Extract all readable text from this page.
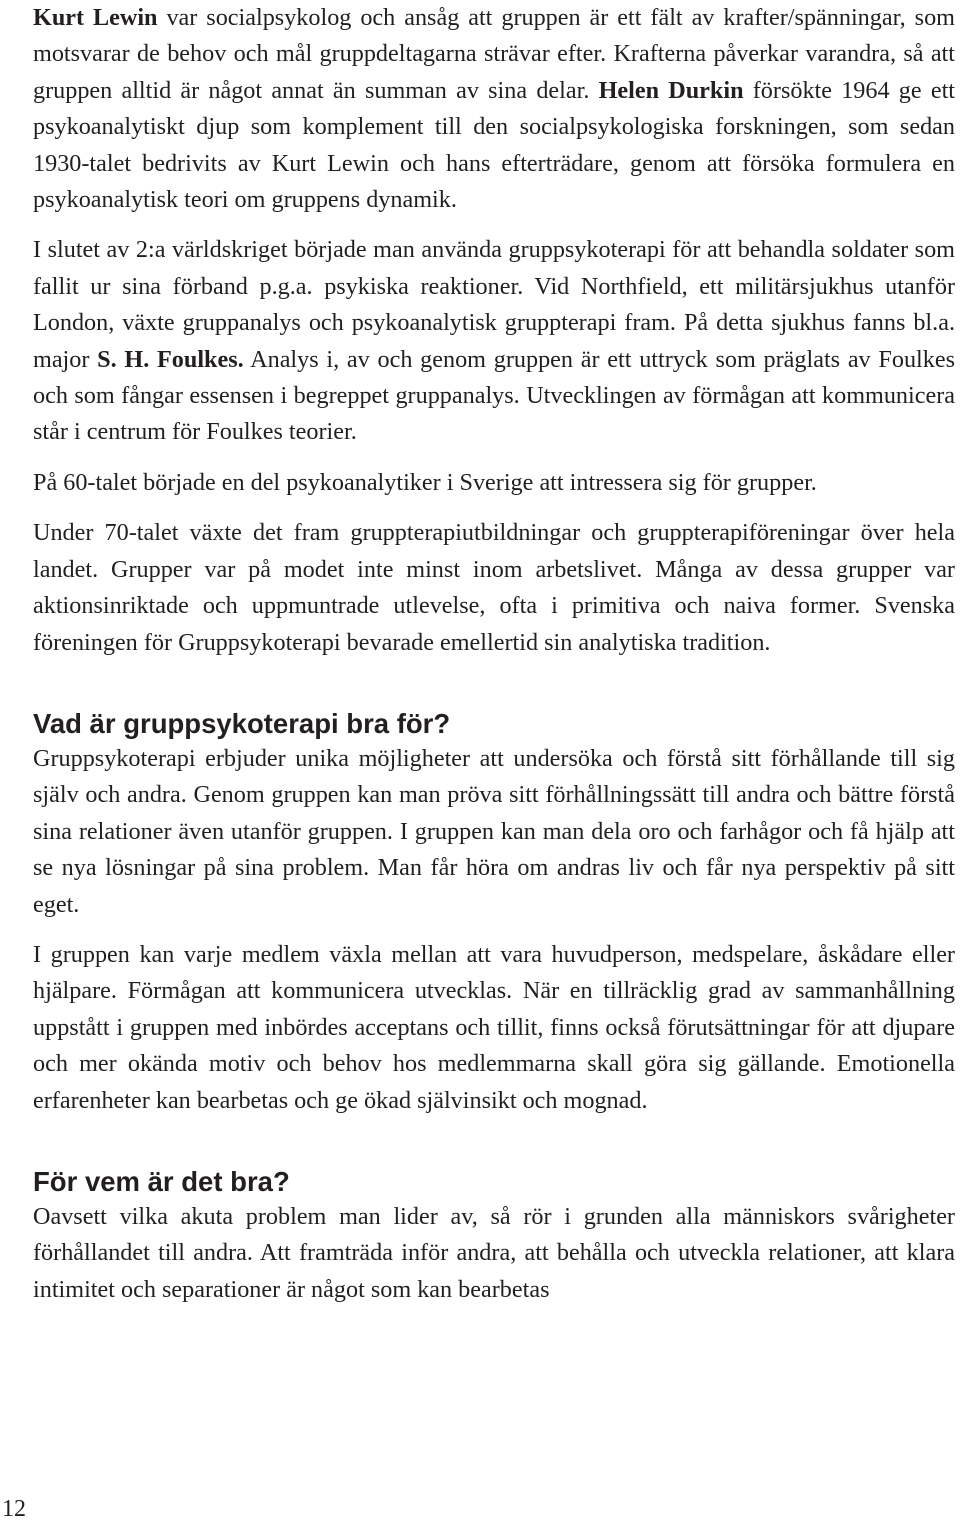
Kurt Lewin var socialpsykolog och ansåg att gruppen är ett fält av krafter/spänningar, som motsvarar de behov och mål gruppdeltagarna strävar efter. Krafterna påverkar varandra, så att gruppen alltid är något annat än summan av sina delar. Helen Durkin försökte 1964 ge ett psykoanalytiskt djup som komplement till den socialpsykologiska forskningen, som sedan 1930-talet bedrivits av Kurt Lewin och hans efterträdare, genom att försöka formulera en psykoanalytisk teori om gruppens dynamik.

I slutet av 2:a världskriget började man använda gruppsykoterapi för att behandla soldater som fallit ur sina förband p.g.a. psykiska reaktioner. Vid Northfield, ett militärsjukhus utanför London, växte gruppanalys och psykoanalytisk gruppterapi fram. På detta sjukhus fanns bl.a. major S. H. Foulkes. Analys i, av och genom gruppen är ett uttryck som präglats av Foulkes och som fångar essensen i begreppet gruppanalys. Utvecklingen av förmågan att kommunicera står i centrum för Foulkes teorier.

På 60-talet började en del psykoanalytiker i Sverige att intressera sig för grupper.

Under 70-talet växte det fram gruppterapiutbildningar och gruppterapiföreningar över hela landet. Grupper var på modet inte minst inom arbetslivet. Många av dessa grupper var aktionsinriktade och uppmuntrade utlevelse, ofta i primitiva och naiva former. Svenska föreningen för Gruppsykoterapi bevarade emellertid sin analytiska tradition.

Vad är gruppsykoterapi bra för?

Gruppsykoterapi erbjuder unika möjligheter att undersöka och förstå sitt förhållande till sig själv och andra. Genom gruppen kan man pröva sitt förhållningssätt till andra och bättre förstå sina relationer även utanför gruppen. I gruppen kan man dela oro och farhågor och få hjälp att se nya lösningar på sina problem. Man får höra om andras liv och får nya perspektiv på sitt eget.

I gruppen kan varje medlem växla mellan att vara huvudperson, medspelare, åskådare eller hjälpare. Förmågan att kommunicera utvecklas. När en tillräcklig grad av sammanhållning uppstått i gruppen med inbördes acceptans och tillit, finns också förutsättningar för att djupare och mer okända motiv och behov hos medlemmarna skall göra sig gällande. Emotionella erfarenheter kan bearbetas och ge ökad självinsikt och mognad.

För vem är det bra?

Oavsett vilka akuta problem man lider av, så rör i grunden alla människors svårigheter förhållandet till andra. Att framträda inför andra, att behålla och utveckla relationer, att klara intimitet och separationer är något som kan bearbetas

12
